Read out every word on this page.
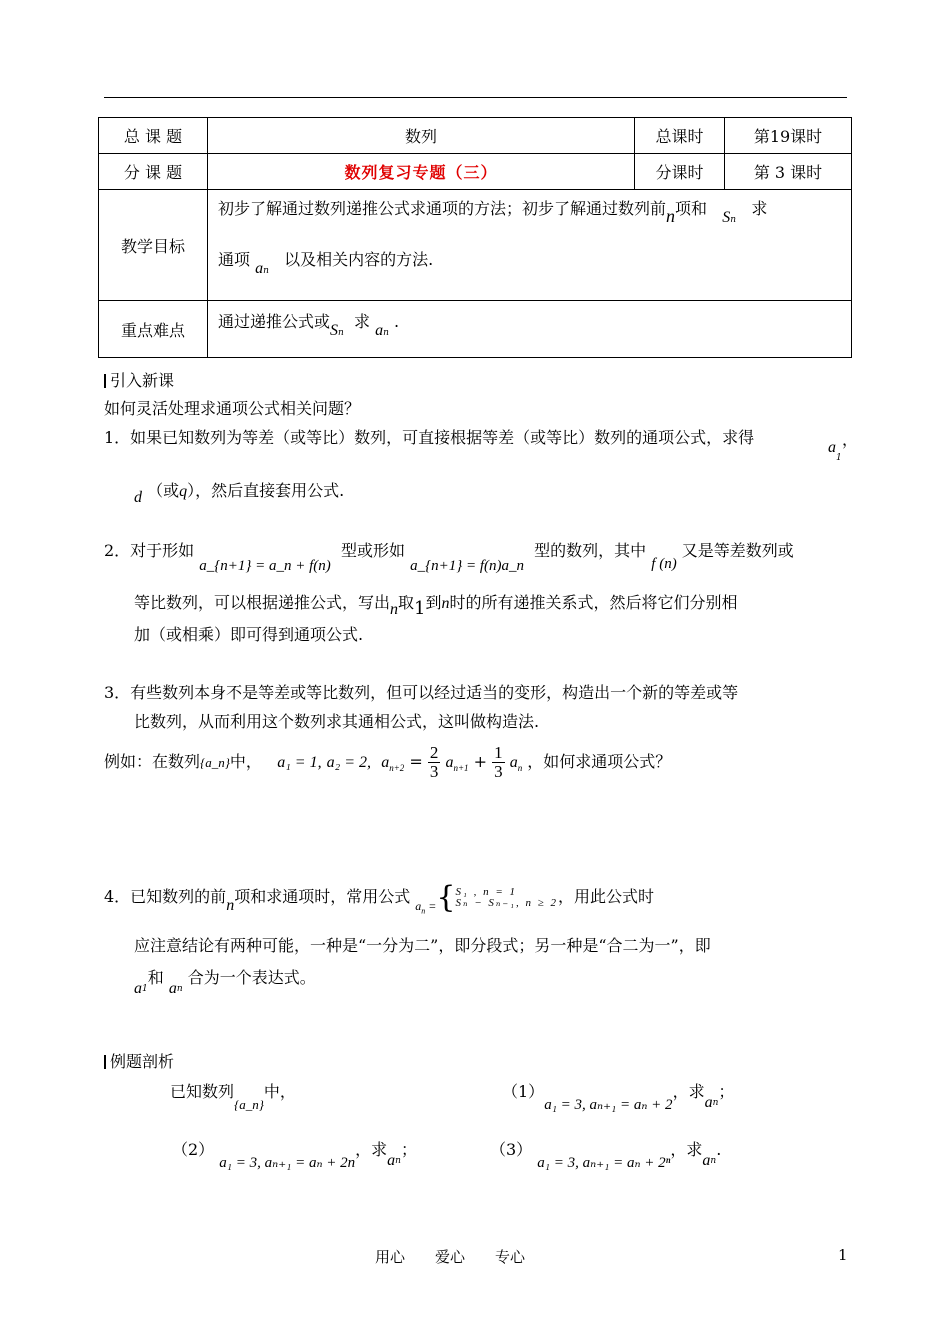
总 课 题	数列	总课时	第19课时
分 课 题	数列复习专题（三）	分课时	第 3 课时
教学目标	初步了解通过数列递推公式求通项的方法；初步了解通过数列前n项和 $S_n$   求
通项 $a_n$   以及相关内容的方法.		

重点难点	通过递推公式或$S_n$  求 $a_n$ .		
引入新课
如何灵活处理求通项公式相关问题？
1．如果已知数列为等差（或等比）数列，可直接根据等差（或等比）数列的通项公式，求得
$a_1$
，
d （或q），然后直接套用公式.
2．对于形如 a_{n+1} = a_n + f(n)  型或形如 a_{n+1} = f(n)a_n  型的数列，其中 f (n) 又是等差数列或
等比数列，可以根据递推公式，写出n取1到n时的所有递推关系式，然后将它们分别相
加（或相乘）即可得到通项公式.
3．有些数列本身不是等差或等比数列，但可以经过适当的变形，构造出一个新的等差或等
比数列，从而利用这个数列求其通相公式，这叫做构造法.
例如：在数列{a_n}中， a₁ = 1, a₂ = 2, $a_{n+2} = \frac{2}{3} a_{n+1} + \frac{1}{3} a_n$ ，如何求通项公式？
4．已知数列的前n项和求通项时，常用公式 $_{a_n =}${ S₁ , n = 1
Sₙ − Sₙ₋₁, n ≥ 2 ，用此公式时
应注意结论有两种可能，一种是“一分为二”，即分段式；另一种是“合二为一”，即
$a_1$和 $a_n$ 合为一个表达式。
例题剖析
已知数列$_{\{a\_n\}}$中，	（1）a₁ = 3, aₙ₊₁ = aₙ + 2，求$a_n$；
（2） a₁ = 3, aₙ₊₁ = aₙ + 2n，求$a_n$；	（3） a₁ = 3, aₙ₊₁ = aₙ + 2ⁿ，求$a_n$.
用心　　爱心　　专心	1
